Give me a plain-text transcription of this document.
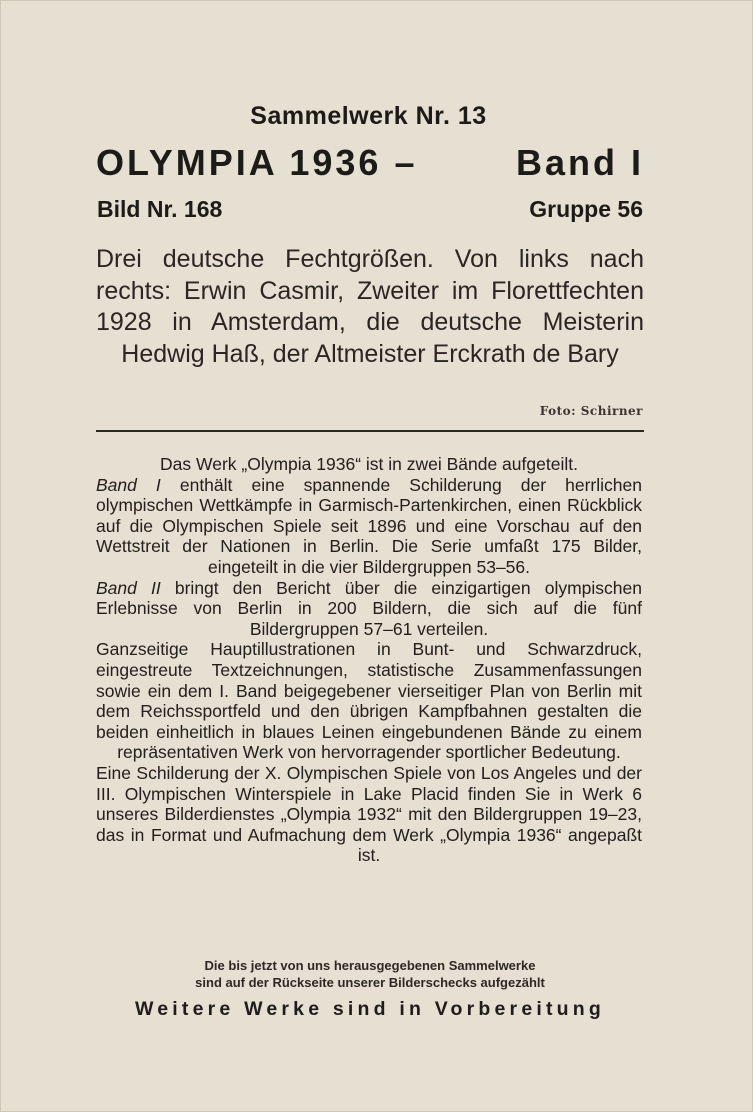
Sammelwerk Nr. 13
OLYMPIA 1936 –	Band I
Bild Nr. 168	Gruppe 56
Drei deutsche Fechtgrößen. Von links nach rechts: Erwin Casmir, Zweiter im Florettfechten 1928 in Amsterdam, die deutsche Meisterin Hedwig Haß, der Altmeister Erckrath de Bary
Foto: Schirner

Das Werk „Olympia 1936“ ist in zwei Bände aufgeteilt.

Band I enthält eine spannende Schilderung der herrlichen olympischen Wettkämpfe in Garmisch-Partenkirchen, einen Rückblick auf die Olympischen Spiele seit 1896 und eine Vorschau auf den Wettstreit der Nationen in Berlin. Die Serie umfaßt 175 Bilder, eingeteilt in die vier Bildergruppen 53–56.

Band II bringt den Bericht über die einzigartigen olympischen Erlebnisse von Berlin in 200 Bildern, die sich auf die fünf Bildergruppen 57–61 verteilen.

Ganzseitige Hauptillustrationen in Bunt- und Schwarzdruck, eingestreute Textzeichnungen, statistische Zusammenfassungen sowie ein dem I. Band beigegebener vierseitiger Plan von Berlin mit dem Reichssportfeld und den übrigen Kampfbahnen gestalten die beiden einheitlich in blaues Leinen eingebundenen Bände zu einem repräsentativen Werk von hervorragender sportlicher Bedeutung.

Eine Schilderung der X. Olympischen Spiele von Los Angeles und der III. Olympischen Winterspiele in Lake Placid finden Sie in Werk 6 unseres Bilderdienstes „Olympia 1932“ mit den Bildergruppen 19–23, das in Format und Aufmachung dem Werk „Olympia 1936“ angepaßt ist.

Die bis jetzt von uns herausgegebenen Sammelwerke
sind auf der Rückseite unserer Bilderschecks aufgezählt
Weitere Werke sind in Vorbereitung
